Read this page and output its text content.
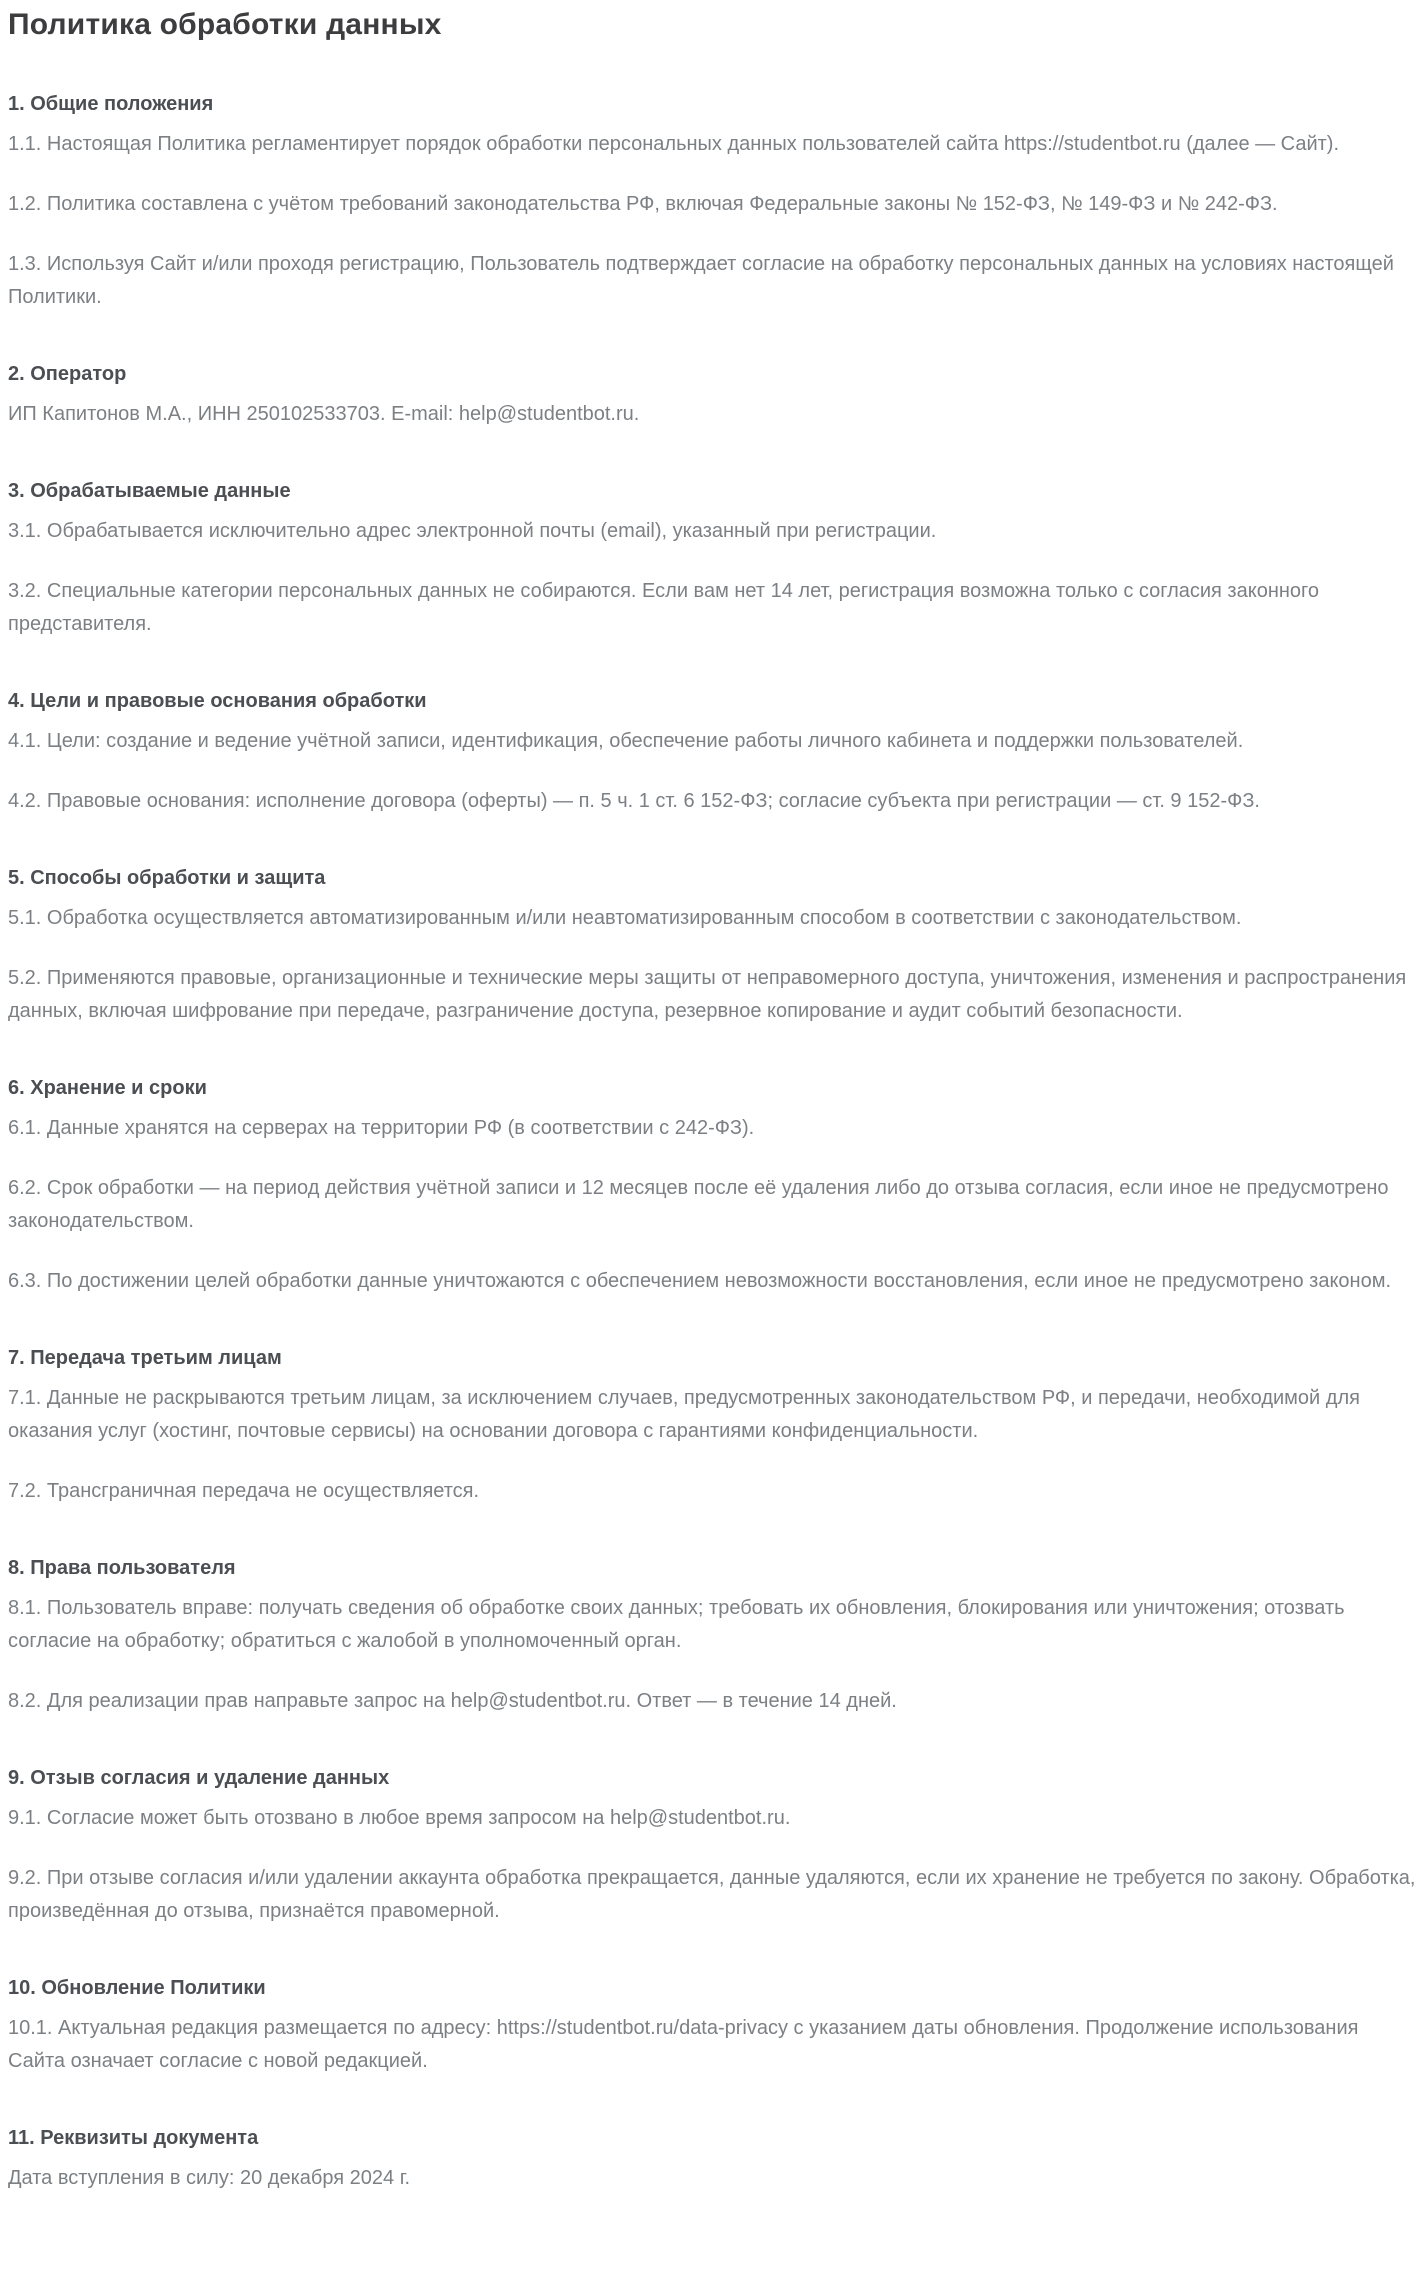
Политика обработки данных
1. Общие положения

1.1. Настоящая Политика регламентирует порядок обработки персональных данных пользователей сайта https://studentbot.ru (далее — Сайт).

1.2. Политика составлена с учётом требований законодательства РФ, включая Федеральные законы № 152-ФЗ, № 149-ФЗ и № 242-ФЗ.

1.3. Используя Сайт и/или проходя регистрацию, Пользователь подтверждает согласие на обработку персональных данных на условиях настоящей Политики.

2. Оператор

ИП Капитонов М.А., ИНН 250102533703. E-mail: help@studentbot.ru.

3. Обрабатываемые данные

3.1. Обрабатывается исключительно адрес электронной почты (email), указанный при регистрации.

3.2. Специальные категории персональных данных не собираются. Если вам нет 14 лет, регистрация возможна только с согласия законного представителя.

4. Цели и правовые основания обработки

4.1. Цели: создание и ведение учётной записи, идентификация, обеспечение работы личного кабинета и поддержки пользователей.

4.2. Правовые основания: исполнение договора (оферты) — п. 5 ч. 1 ст. 6 152-ФЗ; согласие субъекта при регистрации — ст. 9 152-ФЗ.

5. Способы обработки и защита

5.1. Обработка осуществляется автоматизированным и/или неавтоматизированным способом в соответствии с законодательством.

5.2. Применяются правовые, организационные и технические меры защиты от неправомерного доступа, уничтожения, изменения и распространения данных, включая шифрование при передаче, разграничение доступа, резервное копирование и аудит событий безопасности.

6. Хранение и сроки

6.1. Данные хранятся на серверах на территории РФ (в соответствии с 242-ФЗ).

6.2. Срок обработки — на период действия учётной записи и 12 месяцев после её удаления либо до отзыва согласия, если иное не предусмотрено законодательством.

6.3. По достижении целей обработки данные уничтожаются с обеспечением невозможности восстановления, если иное не предусмотрено законом.

7. Передача третьим лицам

7.1. Данные не раскрываются третьим лицам, за исключением случаев, предусмотренных законодательством РФ, и передачи, необходимой для оказания услуг (хостинг, почтовые сервисы) на основании договора с гарантиями конфиденциальности.

7.2. Трансграничная передача не осуществляется.

8. Права пользователя

8.1. Пользователь вправе: получать сведения об обработке своих данных; требовать их обновления, блокирования или уничтожения; отозвать согласие на обработку; обратиться с жалобой в уполномоченный орган.

8.2. Для реализации прав направьте запрос на help@studentbot.ru. Ответ — в течение 14 дней.

9. Отзыв согласия и удаление данных

9.1. Согласие может быть отозвано в любое время запросом на help@studentbot.ru.

9.2. При отзыве согласия и/или удалении аккаунта обработка прекращается, данные удаляются, если их хранение не требуется по закону. Обработка, произведённая до отзыва, признаётся правомерной.

10. Обновление Политики

10.1. Актуальная редакция размещается по адресу: https://studentbot.ru/data-privacy с указанием даты обновления. Продолжение использования Сайта означает согласие с новой редакцией.

11. Реквизиты документа

Дата вступления в силу: 20 декабря 2024 г.
